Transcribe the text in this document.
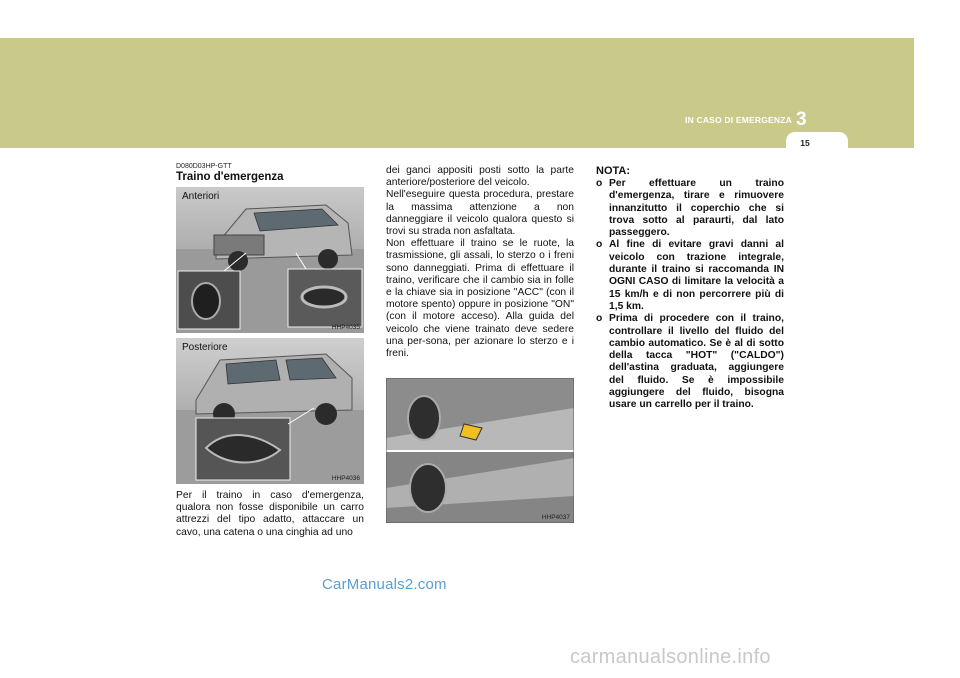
IN CASO DI EMERGENZA 3
15
D080D03HP-GTT
Traino d'emergenza
Anteriori
HHP4035
Posteriore
HHP4036
Per il traino in caso d'emergenza, qualora non fosse disponibile un carro attrezzi del tipo adatto, attaccare un cavo, una catena o una cinghia ad uno

dei ganci appositi posti sotto la parte anteriore/posteriore del veicolo.

Nell'eseguire questa procedura, prestare la massima attenzione a non danneggiare il veicolo qualora questo si trovi su strada non asfaltata.

Non effettuare il traino se le ruote, la trasmissione, gli assali, lo sterzo o i freni sono danneggiati. Prima di effettuare il traino, verificare che il cambio sia in folle e la chiave sia in posizione "ACC" (con il motore spento) oppure in posizione "ON" (con il motore acceso). Alla guida del veicolo che viene trainato deve sedere una per-sona, per azionare lo sterzo e i freni.

HHP4037
NOTA:
o Per effettuare un traino d'emergenza, tirare e rimuovere innanzitutto il coperchio che si trova sotto al paraurti, dal lato passeggero.
o Al fine di evitare gravi danni al veicolo con trazione integrale, durante il traino si raccomanda IN OGNI CASO di limitare la velocità a 15 km/h e di non percorrere più di 1,5 km.
o Prima di procedere con il traino, controllare il livello del fluido del cambio automatico. Se è al di sotto della tacca "HOT" ("CALDO") dell'astina graduata, aggiungere del fluido. Se è impossibile aggiungere del fluido, bisogna usare un carrello per il traino.
CarManuals2.com
carmanualsonline.info
